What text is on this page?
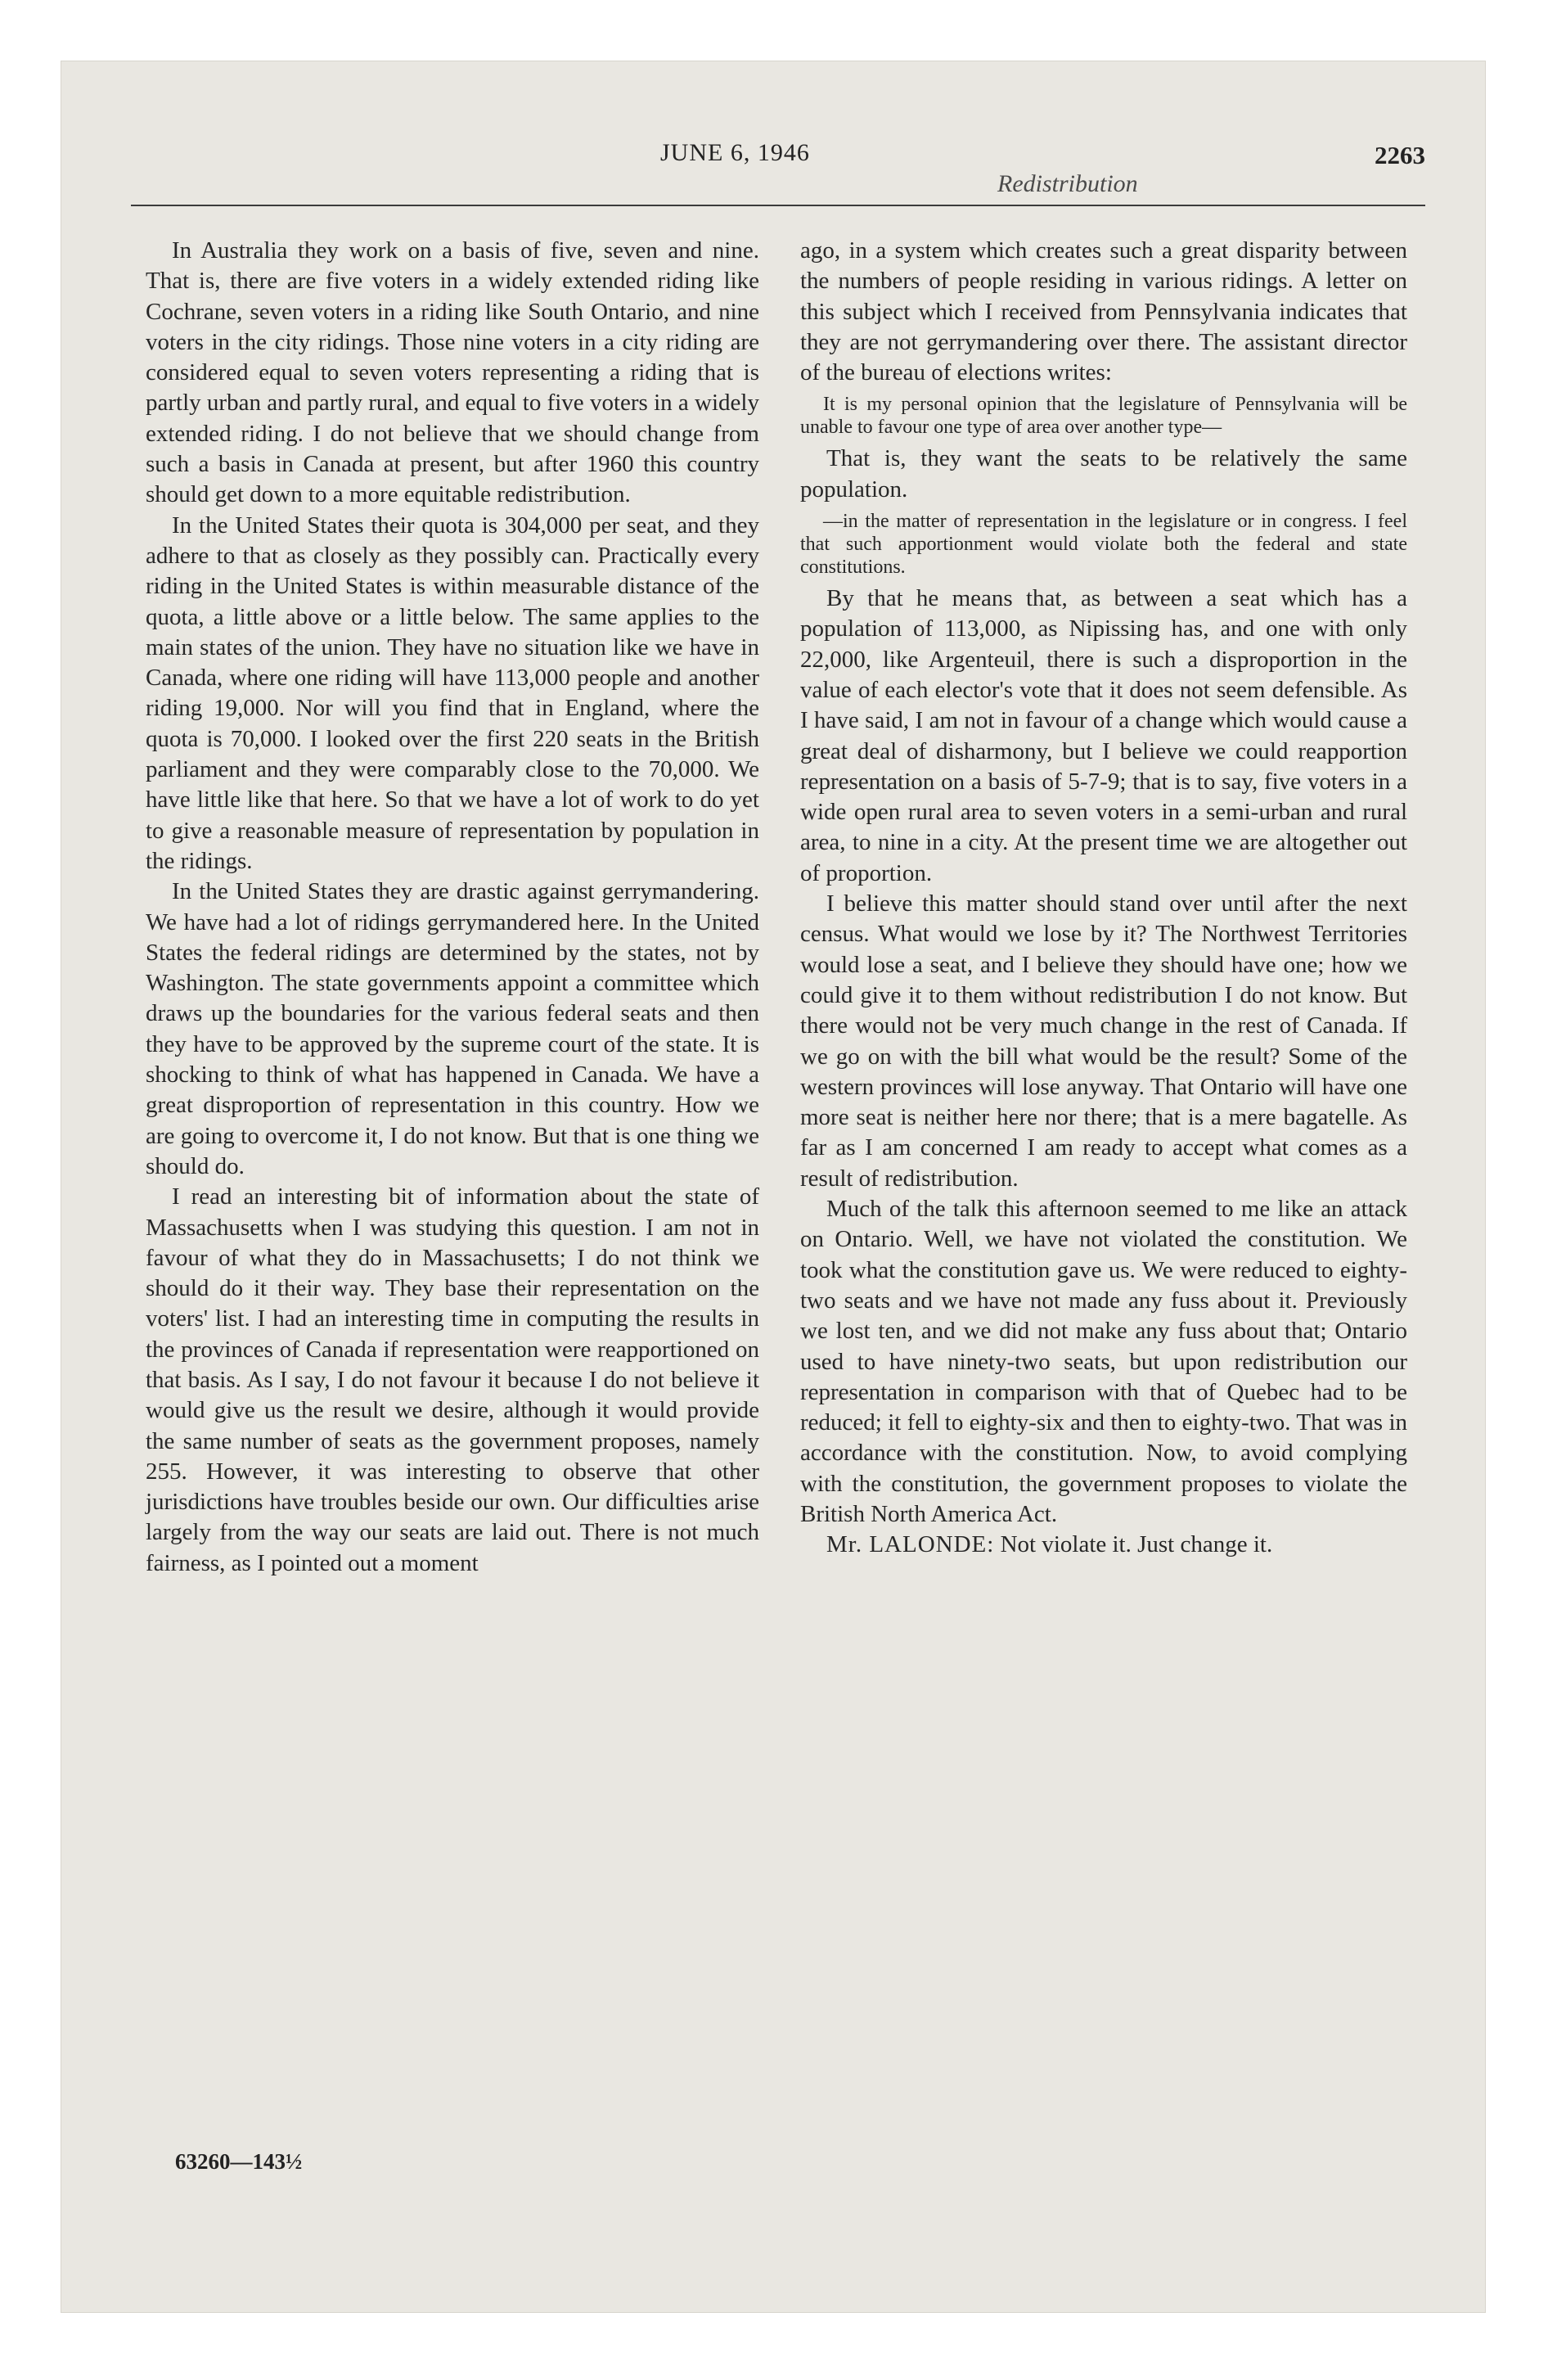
JUNE 6, 1946
Redistribution
2263

In Australia they work on a basis of five, seven and nine. That is, there are five voters in a widely extended riding like Cochrane, seven voters in a riding like South Ontario, and nine voters in the city ridings. Those nine voters in a city riding are considered equal to seven voters representing a riding that is partly urban and partly rural, and equal to five voters in a widely extended riding. I do not believe that we should change from such a basis in Canada at present, but after 1960 this country should get down to a more equitable redistribution.

In the United States their quota is 304,000 per seat, and they adhere to that as closely as they possibly can. Practically every riding in the United States is within measurable distance of the quota, a little above or a little below. The same applies to the main states of the union. They have no situation like we have in Canada, where one riding will have 113,000 people and another riding 19,000. Nor will you find that in England, where the quota is 70,000. I looked over the first 220 seats in the British parliament and they were comparably close to the 70,000. We have little like that here. So that we have a lot of work to do yet to give a reasonable measure of representation by population in the ridings.

In the United States they are drastic against gerrymandering. We have had a lot of ridings gerrymandered here. In the United States the federal ridings are determined by the states, not by Washington. The state governments appoint a committee which draws up the boundaries for the various federal seats and then they have to be approved by the supreme court of the state. It is shocking to think of what has happened in Canada. We have a great disproportion of representation in this country. How we are going to overcome it, I do not know. But that is one thing we should do.

I read an interesting bit of information about the state of Massachusetts when I was studying this question. I am not in favour of what they do in Massachusetts; I do not think we should do it their way. They base their representation on the voters' list. I had an interesting time in computing the results in the provinces of Canada if representation were reapportioned on that basis. As I say, I do not favour it because I do not believe it would give us the result we desire, although it would provide the same number of seats as the government proposes, namely 255. However, it was interesting to observe that other jurisdictions have troubles beside our own. Our difficulties arise largely from the way our seats are laid out. There is not much fairness, as I pointed out a moment

ago, in a system which creates such a great disparity between the numbers of people residing in various ridings. A letter on this subject which I received from Pennsylvania indicates that they are not gerrymandering over there. The assistant director of the bureau of elections writes:

It is my personal opinion that the legislature of Pennsylvania will be unable to favour one type of area over another type—

That is, they want the seats to be relatively the same population.

—in the matter of representation in the legislature or in congress. I feel that such apportionment would violate both the federal and state constitutions.

By that he means that, as between a seat which has a population of 113,000, as Nipissing has, and one with only 22,000, like Argenteuil, there is such a disproportion in the value of each elector's vote that it does not seem defensible. As I have said, I am not in favour of a change which would cause a great deal of disharmony, but I believe we could reapportion representation on a basis of 5-7-9; that is to say, five voters in a wide open rural area to seven voters in a semi-urban and rural area, to nine in a city. At the present time we are altogether out of proportion.

I believe this matter should stand over until after the next census. What would we lose by it? The Northwest Territories would lose a seat, and I believe they should have one; how we could give it to them without redistribution I do not know. But there would not be very much change in the rest of Canada. If we go on with the bill what would be the result? Some of the western provinces will lose anyway. That Ontario will have one more seat is neither here nor there; that is a mere bagatelle. As far as I am concerned I am ready to accept what comes as a result of redistribution.

Much of the talk this afternoon seemed to me like an attack on Ontario. Well, we have not violated the constitution. We took what the constitution gave us. We were reduced to eighty-two seats and we have not made any fuss about it. Previously we lost ten, and we did not make any fuss about that; Ontario used to have ninety-two seats, but upon redistribution our representation in comparison with that of Quebec had to be reduced; it fell to eighty-six and then to eighty-two. That was in accordance with the constitution. Now, to avoid complying with the constitution, the government proposes to violate the British North America Act.

Mr. LALONDE: Not violate it. Just change it.

63260—143½
